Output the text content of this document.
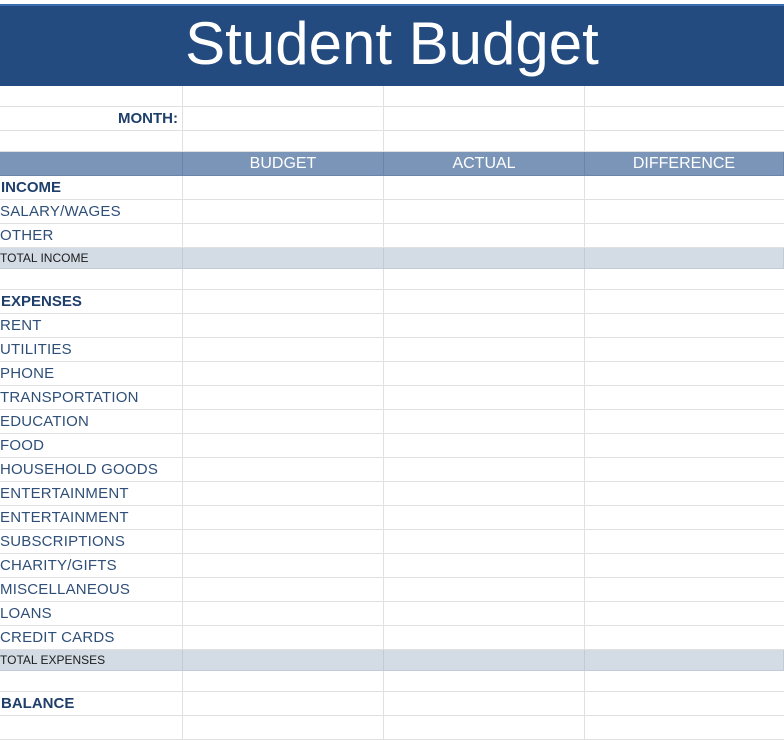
Student Budget
MONTH:
BUDGET	ACTUAL	DIFFERENCE
INCOME
SALARY/WAGES
OTHER
TOTAL INCOME
EXPENSES
RENT
UTILITIES
PHONE
TRANSPORTATION
EDUCATION
FOOD
HOUSEHOLD GOODS
ENTERTAINMENT
ENTERTAINMENT
SUBSCRIPTIONS
CHARITY/GIFTS
MISCELLANEOUS
LOANS
CREDIT CARDS
TOTAL EXPENSES
BALANCE
